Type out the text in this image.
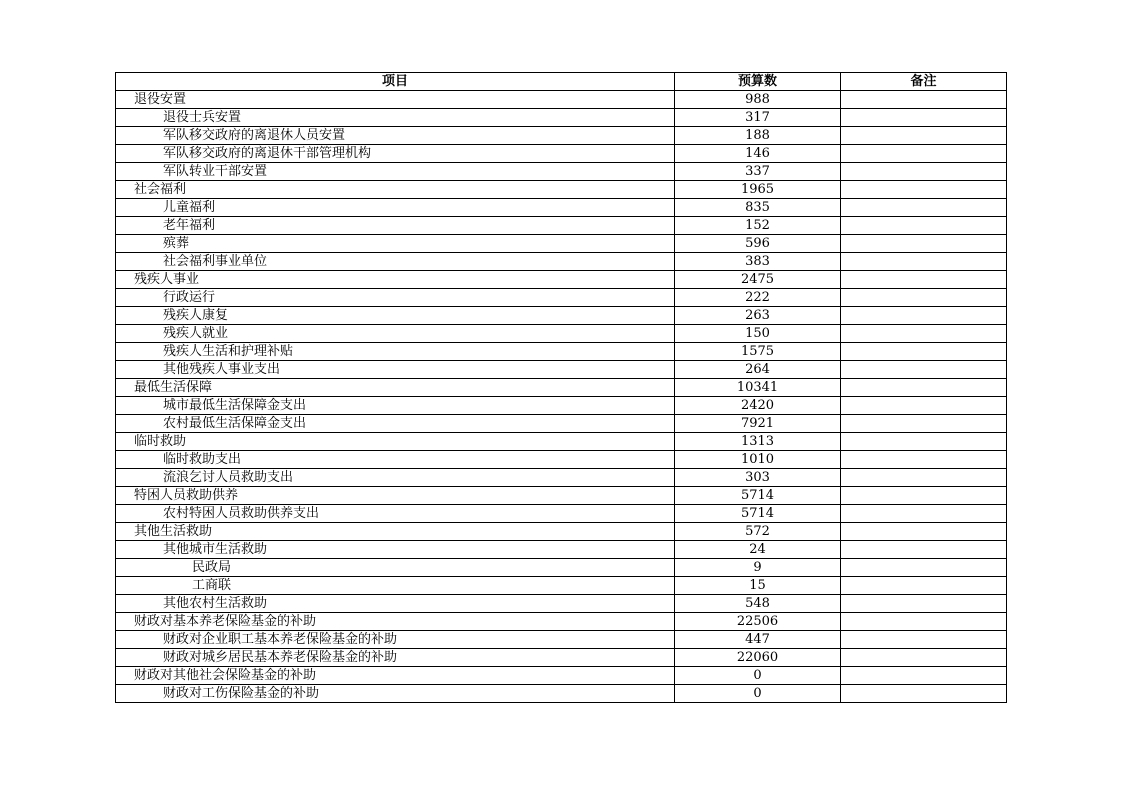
项目	预算数	备注
退役安置	988	
退役士兵安置	317	
军队移交政府的离退休人员安置	188	
军队移交政府的离退休干部管理机构	146	
军队转业干部安置	337	
社会福利	1965	
儿童福利	835	
老年福利	152	
殡葬	596	
社会福利事业单位	383	
残疾人事业	2475	
行政运行	222	
残疾人康复	263	
残疾人就业	150	
残疾人生活和护理补贴	1575	
其他残疾人事业支出	264	
最低生活保障	10341	
城市最低生活保障金支出	2420	
农村最低生活保障金支出	7921	
临时救助	1313	
临时救助支出	1010	
流浪乞讨人员救助支出	303	
特困人员救助供养	5714	
农村特困人员救助供养支出	5714	
其他生活救助	572	
其他城市生活救助	24	
民政局	9	
工商联	15	
其他农村生活救助	548	
财政对基本养老保险基金的补助	22506	
财政对企业职工基本养老保险基金的补助	447	
财政对城乡居民基本养老保险基金的补助	22060	
财政对其他社会保险基金的补助	0	
财政对工伤保险基金的补助	0	
